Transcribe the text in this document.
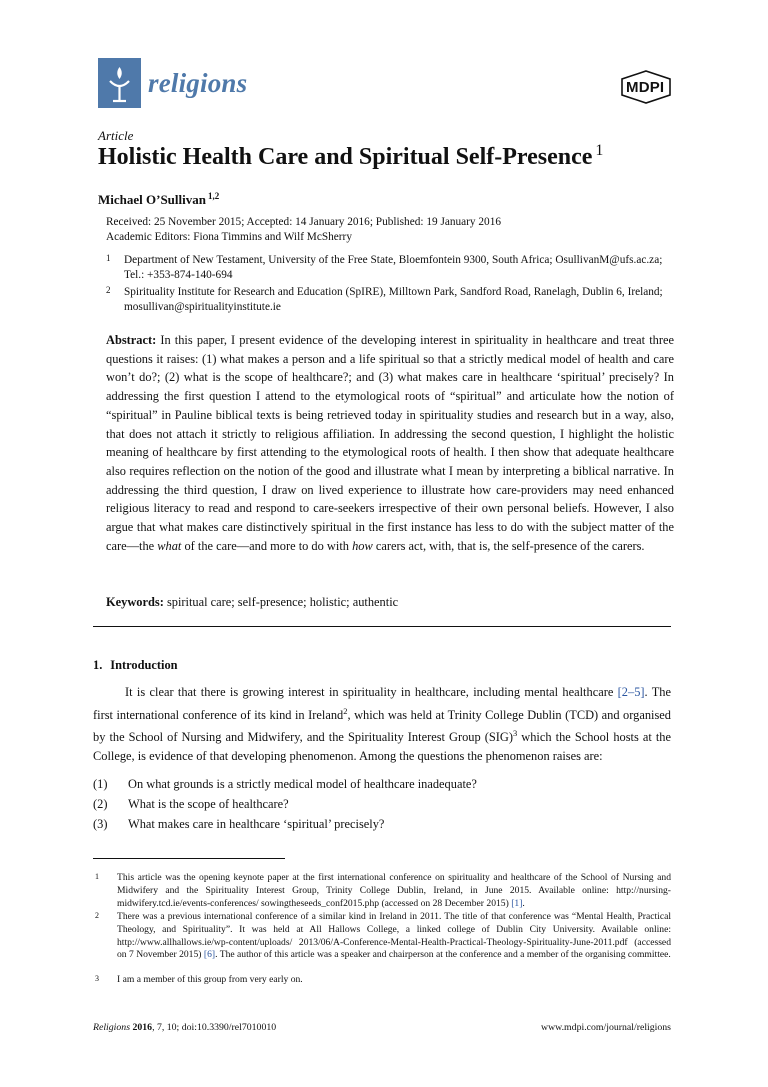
religions	MDPI
Article
Holistic Health Care and Spiritual Self-Presence $^1$
Michael O’Sullivan $^{1,2}$
Received: 25 November 2015; Accepted: 14 January 2016; Published: 19 January 2016
Academic Editors: Fiona Timmins and Wilf McSherry
1 Department of New Testament, University of the Free State, Bloemfontein 9300, South Africa; OsullivanM@ufs.ac.za; Tel.: +353-874-140-694
2 Spirituality Institute for Research and Education (SpIRE), Milltown Park, Sandford Road, Ranelagh, Dublin 6, Ireland; mosullivan@spiritualityinstitute.ie
Abstract: In this paper, I present evidence of the developing interest in spirituality in healthcare and treat three questions it raises: (1) what makes a person and a life spiritual so that a strictly medical model of health and care won’t do?; (2) what is the scope of healthcare?; and (3) what makes care in healthcare ‘spiritual’ precisely? In addressing the first question I attend to the etymological roots of “spiritual” and articulate how the notion of “spiritual” in Pauline biblical texts is being retrieved today in spirituality studies and research but in a way, also, that does not attach it strictly to religious affiliation. In addressing the second question, I highlight the holistic meaning of healthcare by first attending to the etymological roots of health. I then show that adequate healthcare also requires reflection on the notion of the good and illustrate what I mean by interpreting a biblical narrative. In addressing the third question, I draw on lived experience to illustrate how care-providers may need enhanced religious literacy to read and respond to care-seekers irrespective of their own personal beliefs. However, I also argue that what makes care distinctively spiritual in the first instance has less to do with the subject matter of the care—the what of the care—and more to do with how carers act, with, that is, the self-presence of the carers.
Keywords: spiritual care; self-presence; holistic; authentic
1. Introduction
It is clear that there is growing interest in spirituality in healthcare, including mental healthcare [2–5]. The first international conference of its kind in Ireland$^2$, which was held at Trinity College Dublin (TCD) and organised by the School of Nursing and Midwifery, and the Spirituality Interest Group (SIG)$^3$ which the School hosts at the College, is evidence of that developing phenomenon. Among the questions the phenomenon raises are:
(1) On what grounds is a strictly medical model of healthcare inadequate?
(2) What is the scope of healthcare?
(3) What makes care in healthcare ‘spiritual’ precisely?
1 This article was the opening keynote paper at the first international conference on spirituality and healthcare of the School of Nursing and Midwifery and the Spirituality Interest Group, Trinity College Dublin, Ireland, in June 2015. Available online: http://nursing-midwifery.tcd.ie/events-conferences/ sowingtheseeds_conf2015.php (accessed on 28 December 2015) [1].
2 There was a previous international conference of a similar kind in Ireland in 2011. The title of that conference was “Mental Health, Practical Theology, and Spirituality”. It was held at All Hallows College, a linked college of Dublin City University. Available online: http://www.allhallows.ie/wp-content/uploads/ 2013/06/A-Conference-Mental-Health-Practical-Theology-Spirituality-June-2011.pdf (accessed on 7 November 2015) [6]. The author of this article was a speaker and chairperson at the conference and a member of the organising committee.
3 I am a member of this group from very early on.
Religions 2016, 7, 10; doi:10.3390/rel7010010	www.mdpi.com/journal/religions
